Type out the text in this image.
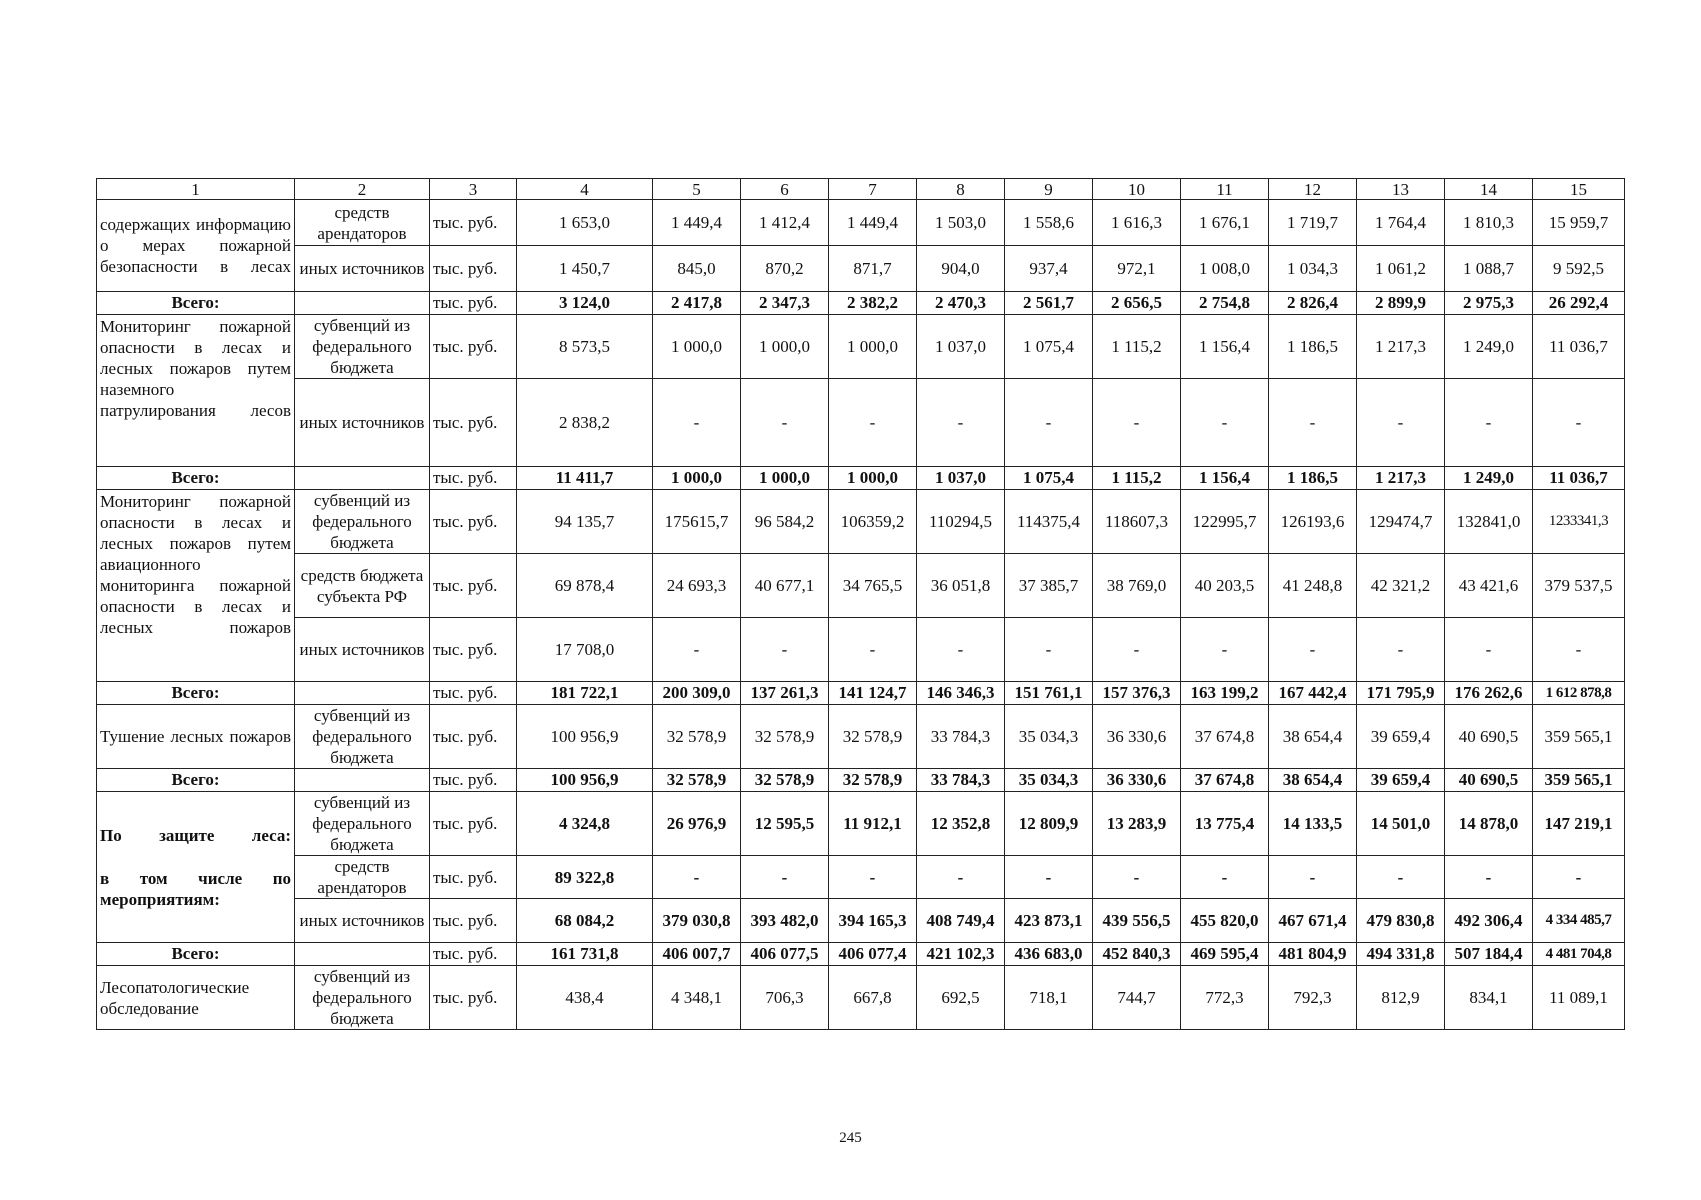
1	2	3	4	5	6	7	8	9	10	11	12	13	14	15
содержащих информацию о мерах пожарной безопасности в лесах	средств арендаторов	тыс. руб.	1 653,0	1 449,4	1 412,4	1 449,4	1 503,0	1 558,6	1 616,3	1 676,1	1 719,7	1 764,4	1 810,3	15 959,7
	иных источников	тыс. руб.	1 450,7	845,0	870,2	871,7	904,0	937,4	972,1	1 008,0	1 034,3	1 061,2	1 088,7	9 592,5
Всего:		тыс. руб.	3 124,0	2 417,8	2 347,3	2 382,2	2 470,3	2 561,7	2 656,5	2 754,8	2 826,4	2 899,9	2 975,3	26 292,4
Мониторинг пожарной опасности в лесах и лесных пожаров путем наземного патрулирования лесов	субвенций из федерального бюджета	тыс. руб.	8 573,5	1 000,0	1 000,0	1 000,0	1 037,0	1 075,4	1 115,2	1 156,4	1 186,5	1 217,3	1 249,0	11 036,7
	иных источников	тыс. руб.	2 838,2	-	-	-	-	-	-	-	-	-	-	-
Всего:		тыс. руб.	11 411,7	1 000,0	1 000,0	1 000,0	1 037,0	1 075,4	1 115,2	1 156,4	1 186,5	1 217,3	1 249,0	11 036,7
Мониторинг пожарной опасности в лесах и лесных пожаров путем авиационного мониторинга пожарной опасности в лесах и лесных пожаров	субвенций из федерального бюджета	тыс. руб.	94 135,7	175615,7	96 584,2	106359,2	110294,5	114375,4	118607,3	122995,7	126193,6	129474,7	132841,0	1233341,3
	средств бюджета субъекта РФ	тыс. руб.	69 878,4	24 693,3	40 677,1	34 765,5	36 051,8	37 385,7	38 769,0	40 203,5	41 248,8	42 321,2	43 421,6	379 537,5
	иных источников	тыс. руб.	17 708,0	-	-	-	-	-	-	-	-	-	-	-
Всего:		тыс. руб.	181 722,1	200 309,0	137 261,3	141 124,7	146 346,3	151 761,1	157 376,3	163 199,2	167 442,4	171 795,9	176 262,6	1 612 878,8
Тушение лесных пожаров	субвенций из федерального бюджета	тыс. руб.	100 956,9	32 578,9	32 578,9	32 578,9	33 784,3	35 034,3	36 330,6	37 674,8	38 654,4	39 659,4	40 690,5	359 565,1
Всего:		тыс. руб.	100 956,9	32 578,9	32 578,9	32 578,9	33 784,3	35 034,3	36 330,6	37 674,8	38 654,4	39 659,4	40 690,5	359 565,1

По защите леса:
в том числе по мероприятиям:	субвенций из федерального бюджета	тыс. руб.	4 324,8	26 976,9	12 595,5	11 912,1	12 352,8	12 809,9	13 283,9	13 775,4	14 133,5	14 501,0	14 878,0	147 219,1
	средств арендаторов	тыс. руб.	89 322,8	-	-	-	-	-	-	-	-	-	-	-
	иных источников	тыс. руб.	68 084,2	379 030,8	393 482,0	394 165,3	408 749,4	423 873,1	439 556,5	455 820,0	467 671,4	479 830,8	492 306,4	4 334 485,7
Всего:		тыс. руб.	161 731,8	406 007,7	406 077,5	406 077,4	421 102,3	436 683,0	452 840,3	469 595,4	481 804,9	494 331,8	507 184,4	4 481 704,8
Лесопатологические обследование	субвенций из федерального бюджета	тыс. руб.	438,4	4 348,1	706,3	667,8	692,5	718,1	744,7	772,3	792,3	812,9	834,1	11 089,1
245
